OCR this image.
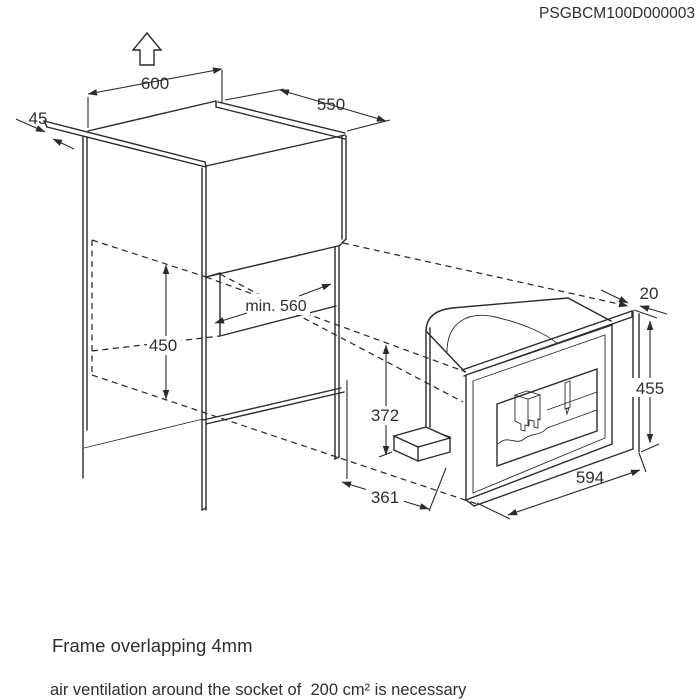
PSGBCM100D000003
600
550
45
min. 560
450
372
361
594
455
20
Frame overlapping 4mm
air ventilation around the socket of  200 cm² is necessary
